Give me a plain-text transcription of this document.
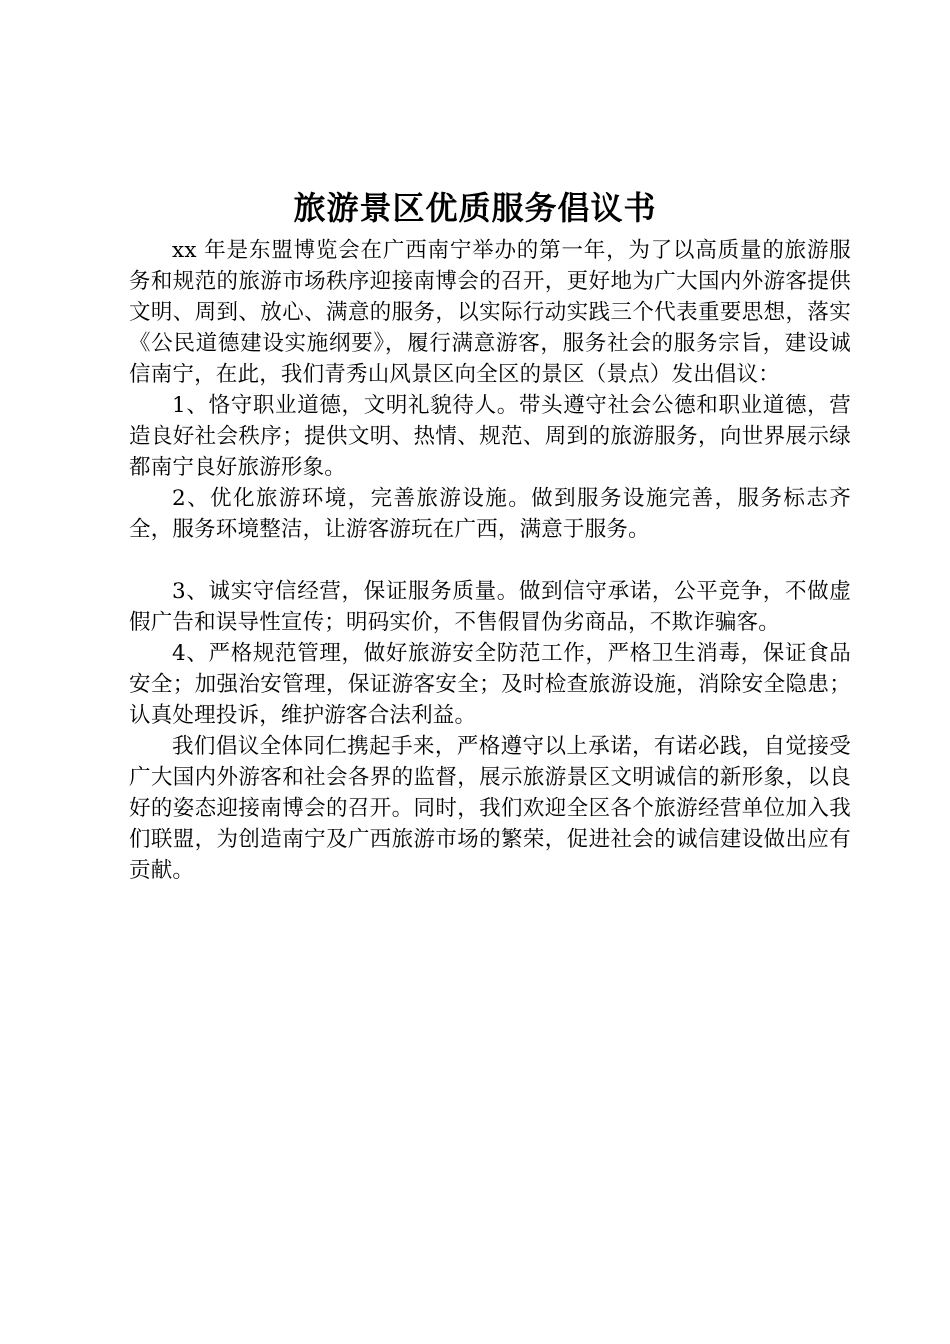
旅游景区优质服务倡议书

xx 年是东盟博览会在广西南宁举办的第一年，为了以高质量的旅游服务和规范的旅游市场秩序迎接南博会的召开，更好地为广大国内外游客提供文明、周到、放心、满意的服务，以实际行动实践三个代表重要思想，落实《公民道德建设实施纲要》，履行满意游客，服务社会的服务宗旨，建设诚信南宁，在此，我们青秀山风景区向全区的景区（景点）发出倡议：

1、恪守职业道德，文明礼貌待人。带头遵守社会公德和职业道德，营造良好社会秩序；提供文明、热情、规范、周到的旅游服务，向世界展示绿都南宁良好旅游形象。

2、优化旅游环境，完善旅游设施。做到服务设施完善，服务标志齐全，服务环境整洁，让游客游玩在广西，满意于服务。

3、诚实守信经营，保证服务质量。做到信守承诺，公平竞争，不做虚假广告和误导性宣传；明码实价，不售假冒伪劣商品，不欺诈骗客。

4、严格规范管理，做好旅游安全防范工作，严格卫生消毒，保证食品安全；加强治安管理，保证游客安全；及时检查旅游设施，消除安全隐患；认真处理投诉，维护游客合法利益。

我们倡议全体同仁携起手来，严格遵守以上承诺，有诺必践，自觉接受广大国内外游客和社会各界的监督，展示旅游景区文明诚信的新形象，以良好的姿态迎接南博会的召开。同时，我们欢迎全区各个旅游经营单位加入我们联盟，为创造南宁及广西旅游市场的繁荣，促进社会的诚信建设做出应有贡献。
